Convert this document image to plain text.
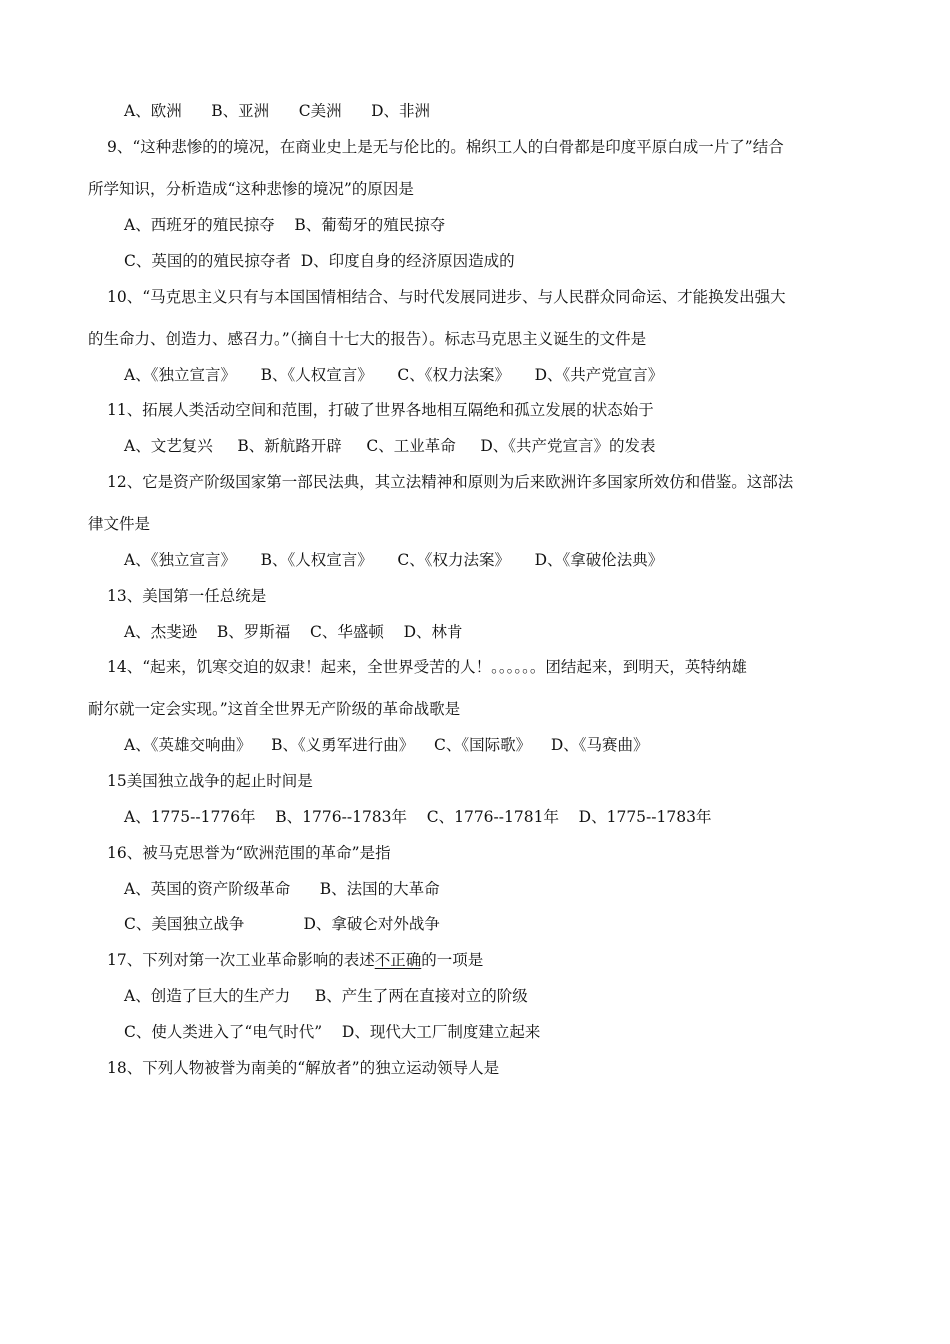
A、欧洲      B、亚洲      C美洲      D、非洲
9、“这种悲惨的的境况，在商业史上是无与伦比的。棉织工人的白骨都是印度平原白成一片了”结合
所学知识，分析造成“这种悲惨的境况”的原因是
A、西班牙的殖民掠夺    B、葡萄牙的殖民掠夺
C、英国的的殖民掠夺者  D、印度自身的经济原因造成的
10、“马克思主义只有与本国国情相结合、与时代发展同进步、与人民群众同命运、才能换发出强大
的生命力、创造力、感召力。”（摘自十七大的报告）。标志马克思主义诞生的文件是
A、《独立宣言》     B、《人权宣言》     C、《权力法案》     D、《共产党宣言》
11、拓展人类活动空间和范围，打破了世界各地相互隔绝和孤立发展的状态始于
A、文艺复兴     B、新航路开辟     C、工业革命     D、《共产党宣言》的发表
12、它是资产阶级国家第一部民法典，其立法精神和原则为后来欧洲许多国家所效仿和借鉴。这部法
律文件是
A、《独立宣言》     B、《人权宣言》     C、《权力法案》     D、《拿破伦法典》
13、美国第一任总统是
A、杰斐逊    B、罗斯福    C、华盛顿    D、林肯
14、“起来，饥寒交迫的奴隶！起来，全世界受苦的人！。。。。。。团结起来，到明天，英特纳雄
耐尔就一定会实现。”这首全世界无产阶级的革命战歌是
A、《英雄交响曲》    B、《义勇军进行曲》    C、《国际歌》    D、《马赛曲》
15美国独立战争的起止时间是
A、1775--1776年    B、1776--1783年    C、1776--1781年    D、1775--1783年
16、被马克思誉为“欧洲范围的革命”是指
A、英国的资产阶级革命      B、法国的大革命
C、美国独立战争            D、拿破仑对外战争
17、下列对第一次工业革命影响的表述不正确的一项是
A、创造了巨大的生产力     B、产生了两在直接对立的阶级
C、使人类进入了“电气时代”    D、现代大工厂制度建立起来
18、下列人物被誉为南美的“解放者”的独立运动领导人是
